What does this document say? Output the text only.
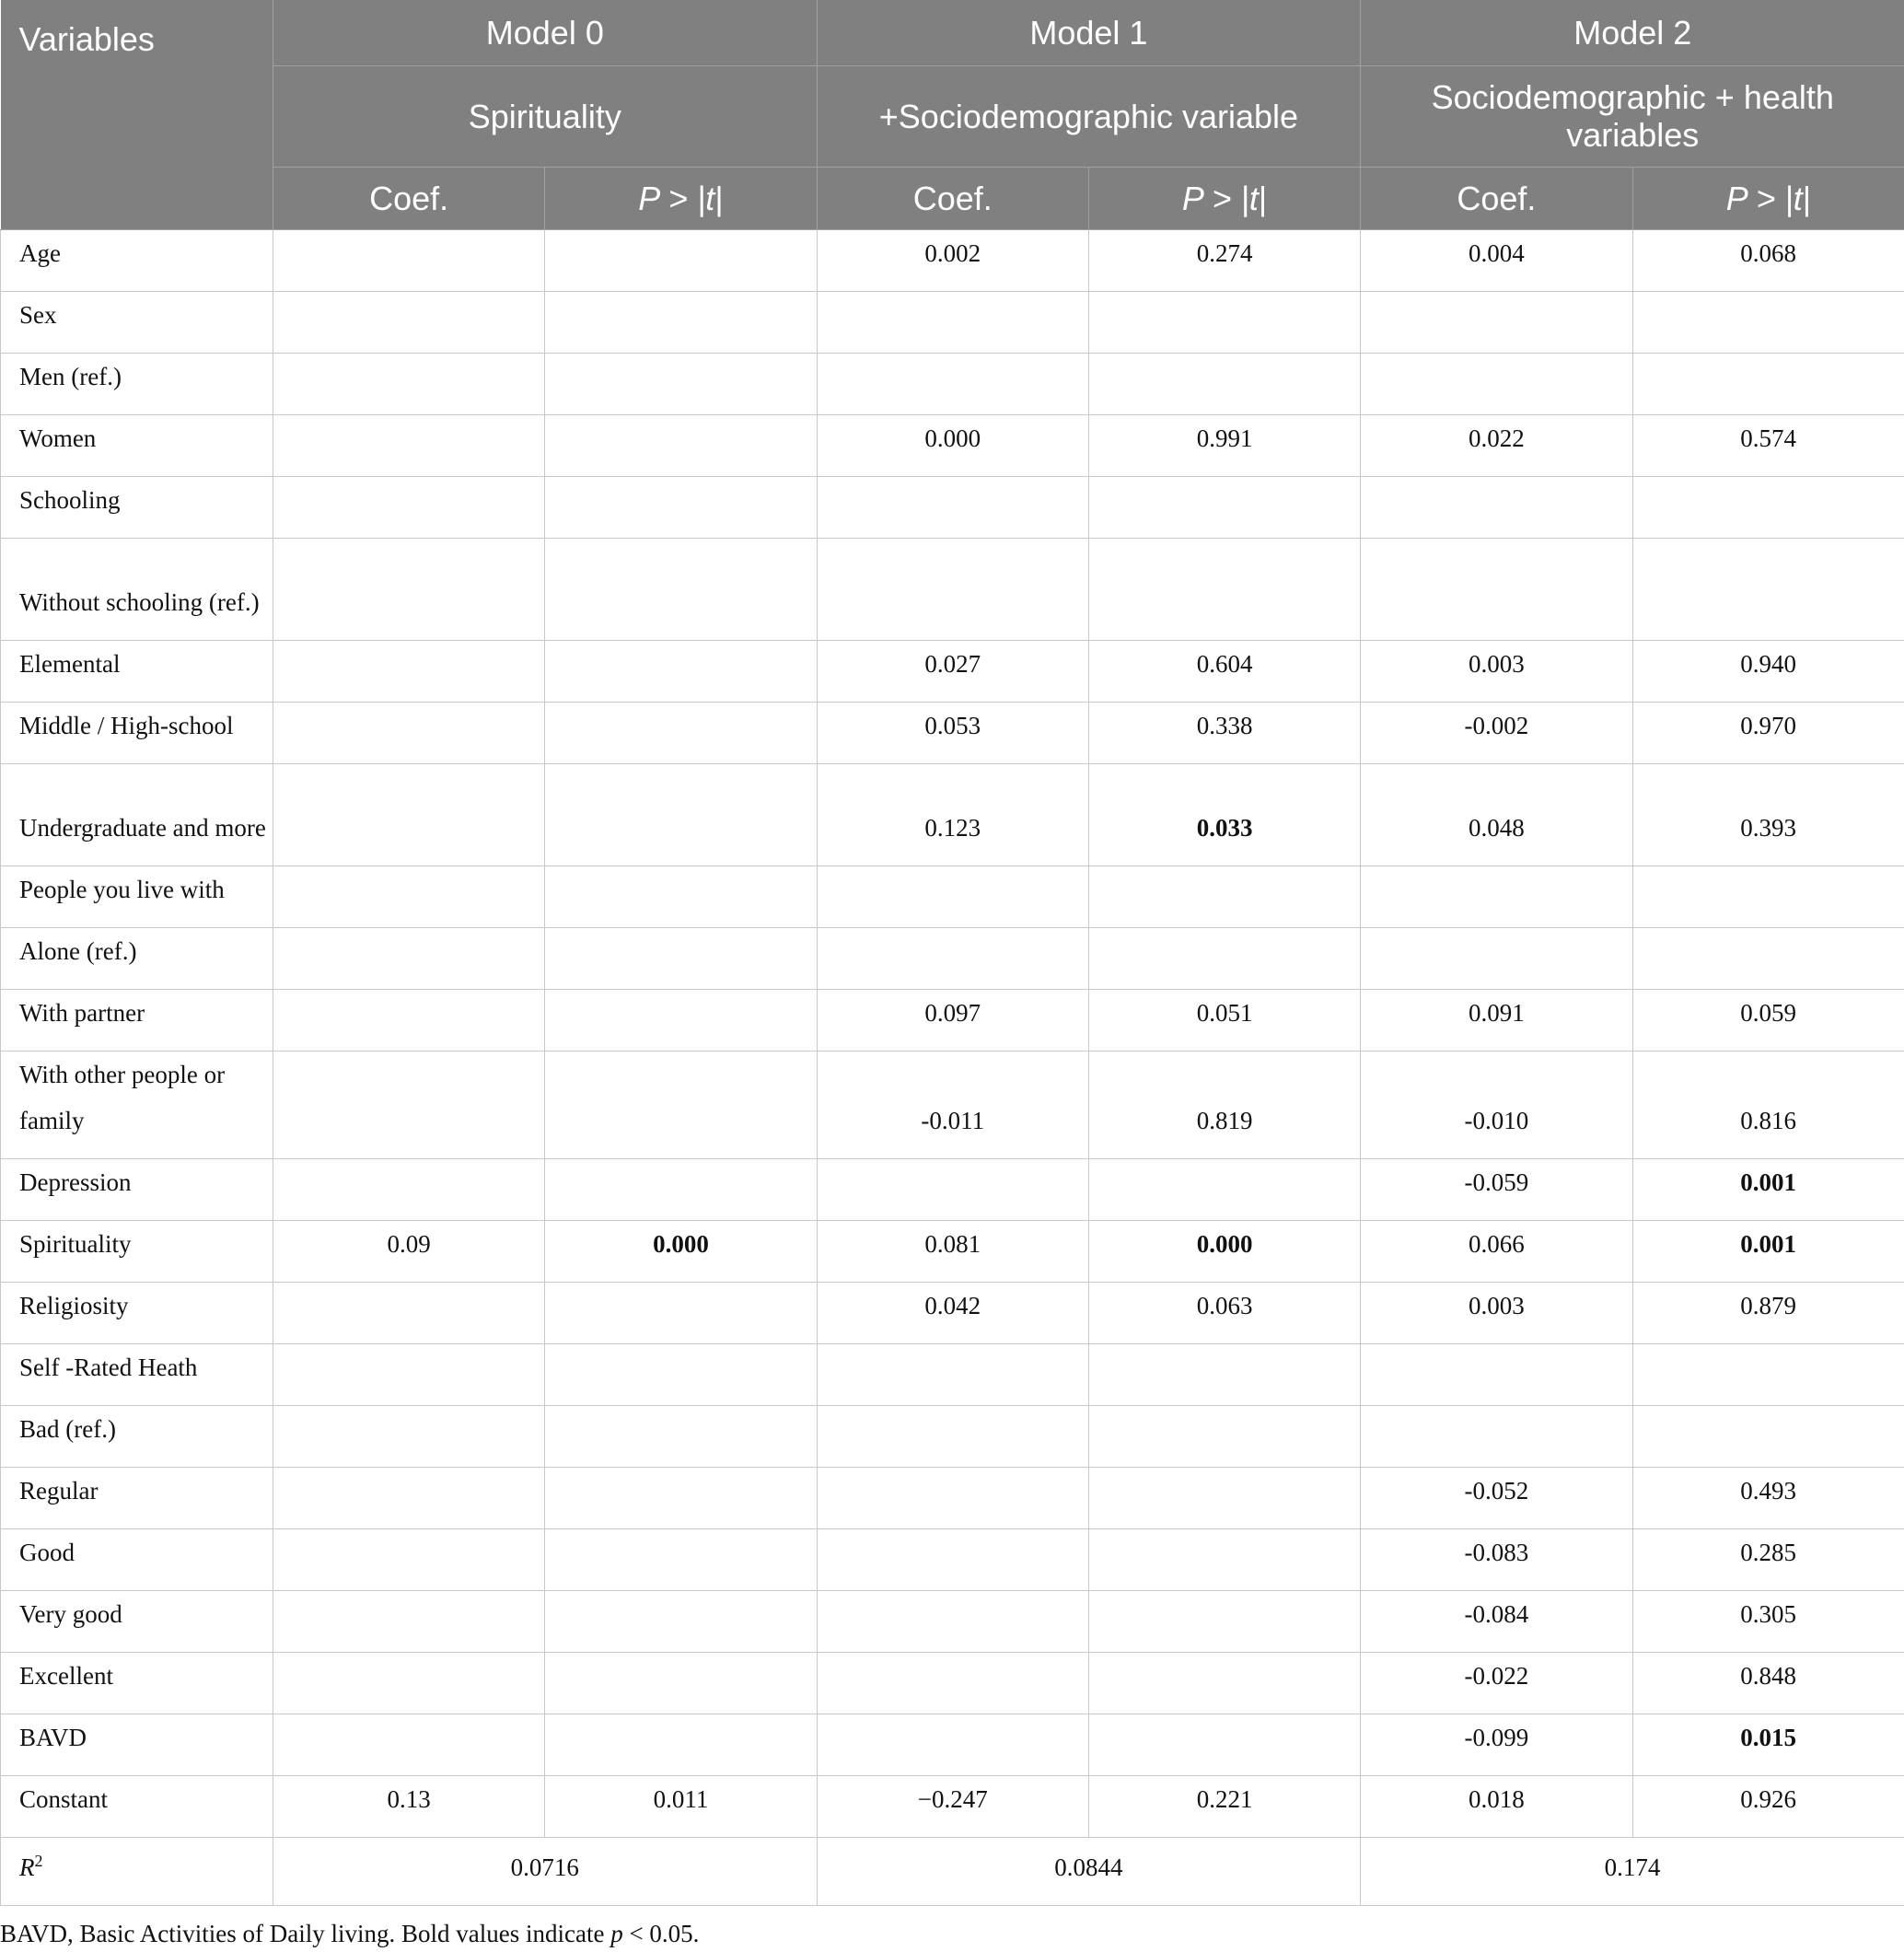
Variables	Model 0		Model 1		Model 2	
	Spirituality		+Sociodemographic variable		Sociodemographic + health variables	
	Coef.	P > |t|	Coef.	P > |t|	Coef.	P > |t|
Age			0.002	0.274	0.004	0.068
Sex						
Men (ref.)						
Women			0.000	0.991	0.022	0.574
Schooling						
Without schooling (ref.)						
Elemental			0.027	0.604	0.003	0.940
Middle / High-school			0.053	0.338	-0.002	0.970
Undergraduate and more			0.123	0.033	0.048	0.393
People you live with						
Alone (ref.)						
With partner			0.097	0.051	0.091	0.059
With other people or family			-0.011	0.819	-0.010	0.816
Depression					-0.059	0.001
Spirituality	0.09	0.000	0.081	0.000	0.066	0.001
Religiosity			0.042	0.063	0.003	0.879
Self -Rated Heath						
Bad (ref.)						
Regular					-0.052	0.493
Good					-0.083	0.285
Very good					-0.084	0.305
Excellent					-0.022	0.848
BAVD					-0.099	0.015
Constant	0.13	0.011	−0.247	0.221	0.018	0.926
$R^2$	0.0716		0.0844		0.174	
BAVD, Basic Activities of Daily living. Bold values indicate p < 0.05.
